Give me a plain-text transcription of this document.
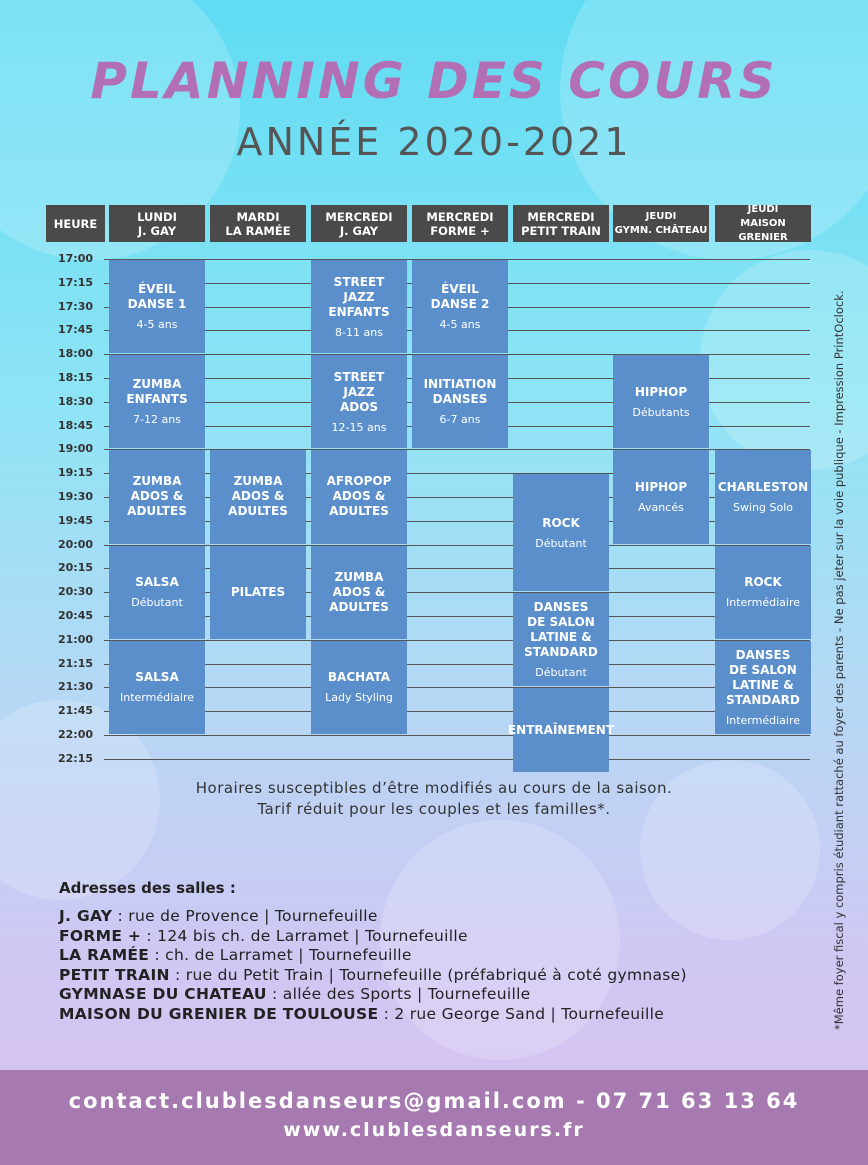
PLANNING DES COURS
ANNÉE 2020-2021
*Même foyer fiscal y compris étudiant rattaché au foyer des parents - Ne pas jeter sur la voie publique - Impression PrintOclock.
HEURE	LUNDI
J. GAY
MARDI
LA RAMÉE
MERCREDI
J. GAY
MERCREDI
FORME +
MERCREDI
PETIT TRAIN
JEUDI
GYMN. CHÂTEAU
JEUDI
MAISON GRENIER
17:00
17:15
17:30
17:45
18:00
18:15
18:30
18:45
19:00
19:15
19:30
19:45
20:00
20:15
20:30
20:45
21:00
21:15
21:30
21:45
22:00
22:15
ÉVEIL
DANSE 1
4-5 ans
ZUMBA
ENFANTS
7-12 ans
ZUMBA
ADOS &
ADULTES
SALSA
Débutant
SALSA
Intermédiaire
ZUMBA
ADOS &
ADULTES
PILATES
STREET
JAZZ
ENFANTS
8-11 ans
STREET
JAZZ
ADOS
12-15 ans
AFROPOP
ADOS &
ADULTES
ZUMBA
ADOS &
ADULTES
BACHATA
Lady Styling
ÉVEIL
DANSE 2
4-5 ans
INITIATION
DANSES
6-7 ans
ROCK
Débutant
DANSES
DE SALON
LATINE &
STANDARD
Débutant
ENTRAÎNEMENT
HIPHOP
Débutants
HIPHOP
Avancés
CHARLESTON
Swing Solo
ROCK
Intermédiaire
DANSES
DE SALON
LATINE &
STANDARD
Intermédiaire
Horaires susceptibles d’être modifiés au cours de la saison.
Tarif réduit pour les couples et les familles*.
Adresses des salles :
J. GAY : rue de Provence | Tournefeuille
FORME + : 124 bis ch. de Larramet | Tournefeuille
LA RAMÉE : ch. de Larramet | Tournefeuille
PETIT TRAIN : rue du Petit Train | Tournefeuille (préfabriqué à coté gymnase)
GYMNASE DU CHATEAU : allée des Sports | Tournefeuille
MAISON DU GRENIER DE TOULOUSE : 2 rue George Sand | Tournefeuille
contact.clublesdanseurs@gmail.com - 07 71 63 13 64
www.clublesdanseurs.fr
